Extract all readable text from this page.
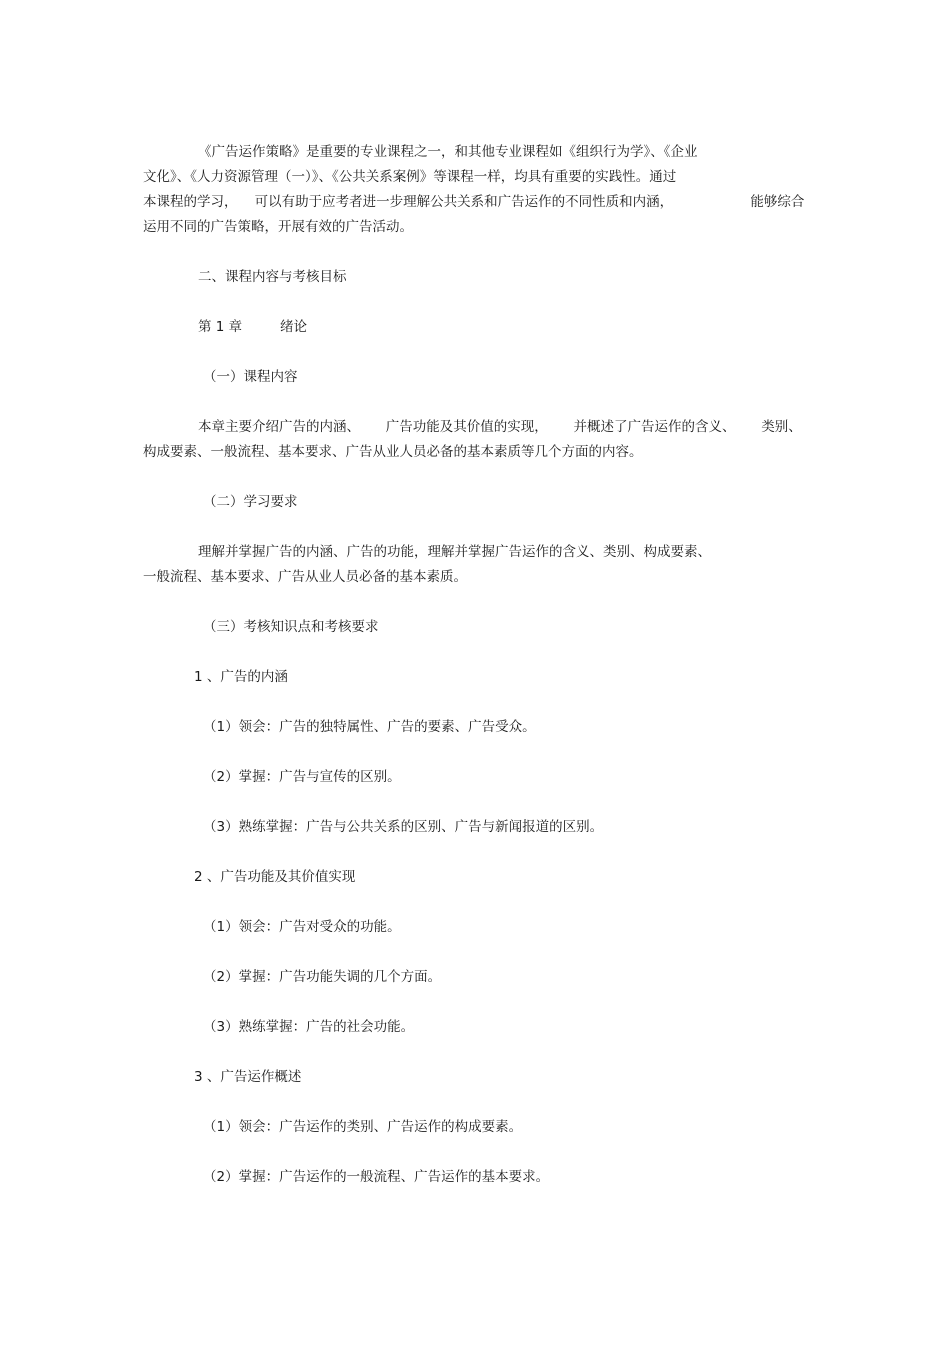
《广告运作策略》是重要的专业课程之一，和其他专业课程如《组织行为学》、《企业
文化》、《人力资源管理（一）》、《公共关系案例》等课程一样，均具有重要的实践性。通过
本课程的学习，    可以有助于应考者进一步理解公共关系和广告运作的不同性质和内涵，                  能够综合
运用不同的广告策略，开展有效的广告活动。
二、课程内容与考核目标
第 1 章	绪论
（一）课程内容
本章主要介绍广告的内涵、      广告功能及其价值的实现，      并概述了广告运作的含义、      类别、
构成要素、一般流程、基本要求、广告从业人员必备的基本素质等几个方面的内容。
（二）学习要求
理解并掌握广告的内涵、广告的功能，理解并掌握广告运作的含义、类别、构成要素、
一般流程、基本要求、广告从业人员必备的基本素质。
（三）考核知识点和考核要求
1 、广告的内涵
（1）领会：广告的独特属性、广告的要素、广告受众。
（2）掌握：广告与宣传的区别。
（3）熟练掌握：广告与公共关系的区别、广告与新闻报道的区别。
2 、广告功能及其价值实现
（1）领会：广告对受众的功能。
（2）掌握：广告功能失调的几个方面。
（3）熟练掌握：广告的社会功能。
3 、广告运作概述
（1）领会：广告运作的类别、广告运作的构成要素。
（2）掌握：广告运作的一般流程、广告运作的基本要求。
